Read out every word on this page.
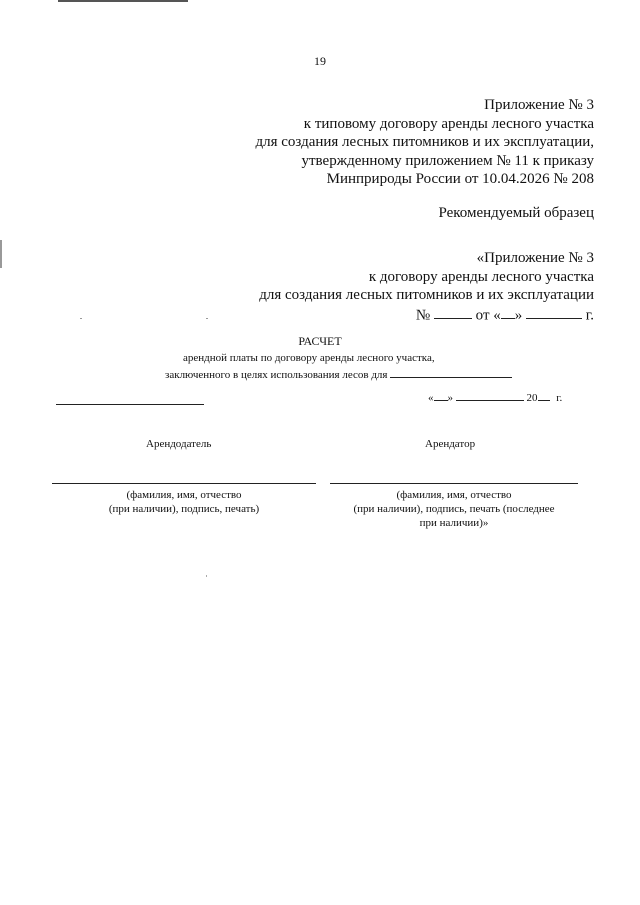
19
Приложение № 3
к типовому договору аренды лесного участка
для создания лесных питомников и их эксплуатации,
утвержденному приложением № 11 к приказу
Минприроды России от 10.04.2026 № 208
Рекомендуемый образец
«Приложение № 3
к договору аренды лесного участка
для создания лесных питомников и их эксплуатации
№	от « »	г.
РАСЧЕТ
арендной платы по договору аренды лесного участка,
заключенного в целях использования лесов для
« »	20 г.
Арендодатель
(фамилия, имя, отчество
(при наличии), подпись, печать)
Арендатор
(фамилия, имя, отчество
(при наличии), подпись, печать (последнее
при наличии)»
